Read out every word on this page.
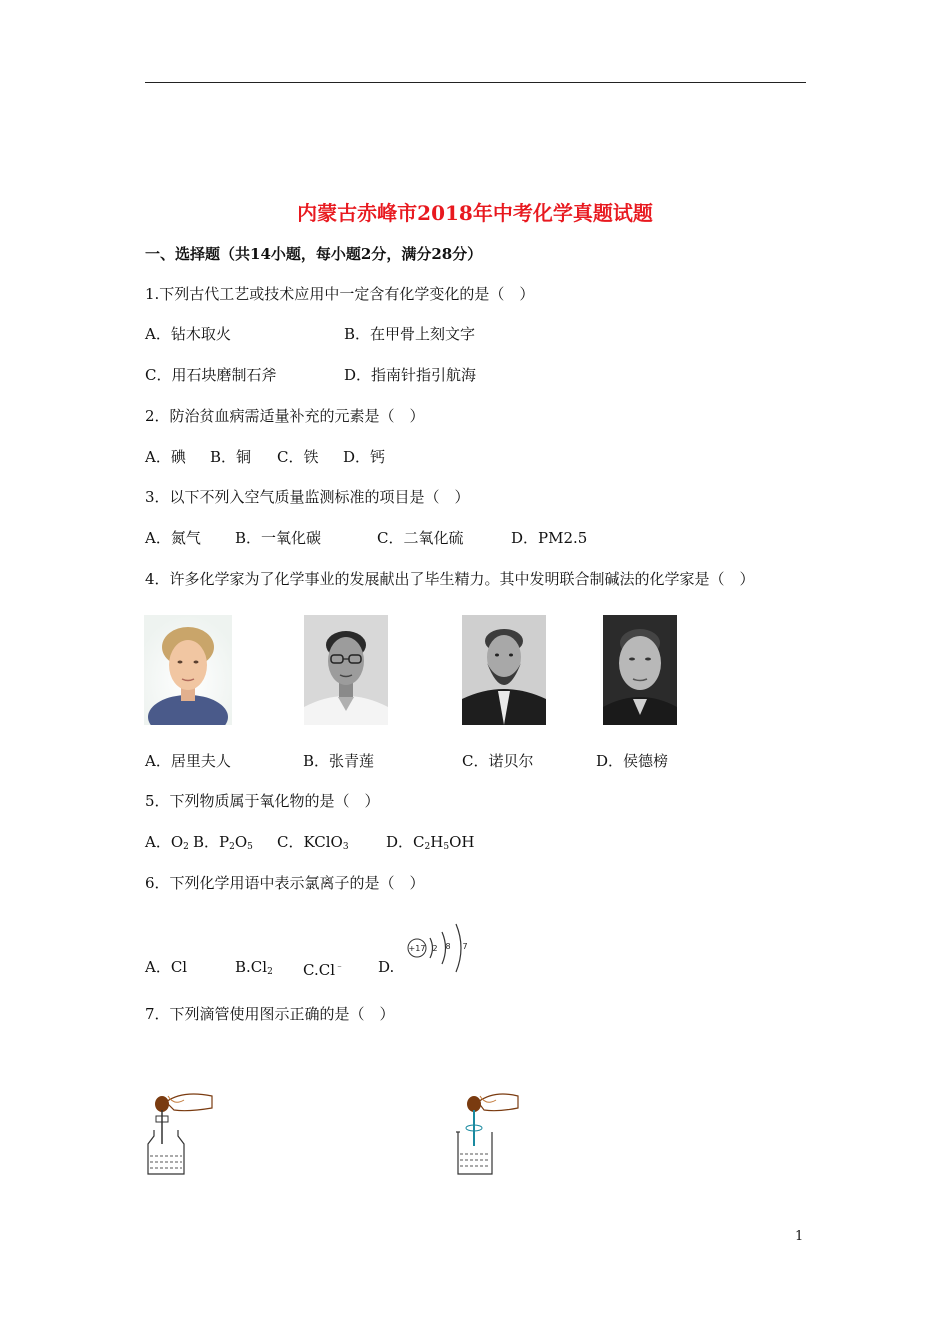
内蒙古赤峰市2018年中考化学真题试题
一、选择题（共14小题，每小题2分，满分28分）
1.下列古代工艺或技术应用中一定含有化学变化的是（　）
A．钻木取火	B．在甲骨上刻文字
C．用石块磨制石斧	D．指南针指引航海
2．防治贫血病需适量补充的元素是（　）
A．碘 B．铜 C．铁 D．钙
3．以下不列入空气质量监测标准的项目是（　）
A．氮气 B．一氧化碳	C．二氧化硫	D．PM2.5
4．许多化学家为了化学事业的发展献出了毕生精力。其中发明联合制碱法的化学家是（　）
A．居里夫人	B．张青莲	C．诺贝尔	D．侯德榜
5．下列物质属于氧化物的是（　）
A．$O_2$ B．$P_2O_5$ C．KClO$_3$ D．$C_2H_5OH$
6．下列化学用语中表示氯离子的是（　）
A．Cl	$B.Cl_2$ C.Cl﹣ D.
+17 2 8 7
7．下列滴管使用图示正确的是（　）
1
